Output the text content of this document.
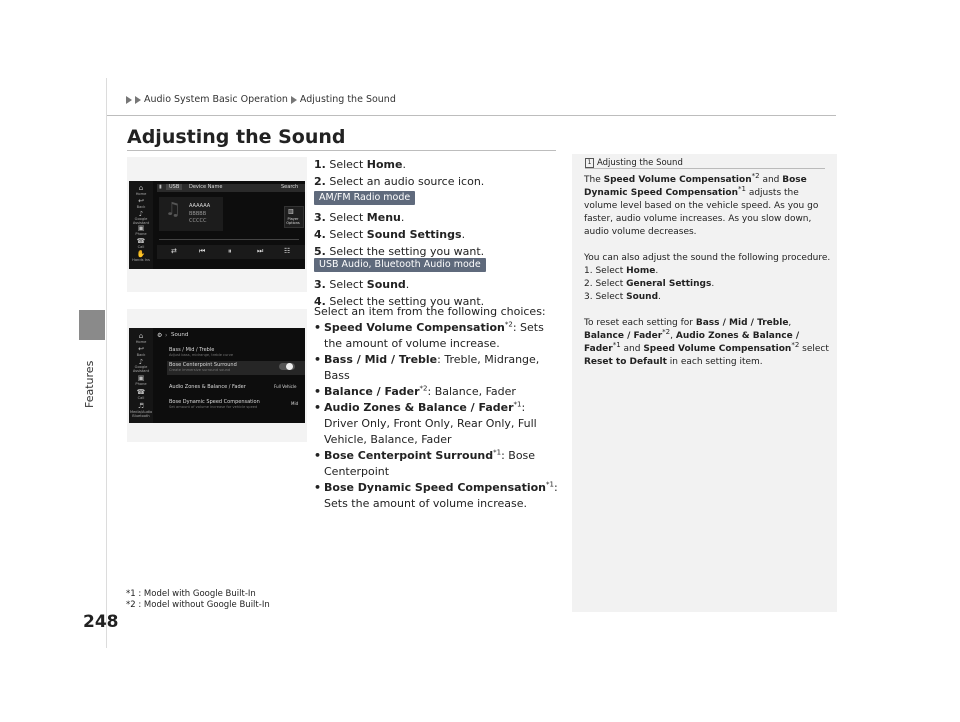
Features
248
Audio System Basic Operation Adjusting the Sound
Adjusting the Sound
⌂
Home
↩
Back
♪
Google Assistant
▣
Phone
☎
Call
✋
Hands Ins
▮	USB	Device Name	Search
♫ AAAAAA
BBBBB
CCCCC
▥
Player Options
⇄	⏮	⏸	⏭	☷
⌂
Home
↩
Back
♪
Google Assistant
▣
Phone
☎
Call
♬
Media/Audio Bluetooth
⚙ › Sound
Bass / Mid / Treble
Adjust bass, midrange, treble curve
Bose Centerpoint Surround
Create immersive surround sound
Audio Zones & Balance / Fader	Full Vehicle
Bose Dynamic Speed Compensation
Set amount of volume increase for vehicle speed
Mid
1. Select Home.
2. Select an audio source icon.
AM/FM Radio mode
3. Select Menu.
4. Select Sound Settings.
5. Select the setting you want.
USB Audio, Bluetooth Audio mode
3. Select Sound.
4. Select the setting you want.
Select an item from the following choices:
• Speed Volume Compensation$^{*2}$: Sets the amount of volume increase.
• Bass / Mid / Treble: Treble, Midrange, Bass
• Balance / Fader$^{*2}$: Balance, Fader
• Audio Zones & Balance / Fader$^{*1}$: Driver Only, Front Only, Rear Only, Full Vehicle, Balance, Fader
• Bose Centerpoint Surround$^{*1}$: Bose Centerpoint
• Bose Dynamic Speed Compensation$^{*1}$: Sets the amount of volume increase.
*1 : Model with Google Built-In
*2 : Model without Google Built-In
1 Adjusting the Sound

The Speed Volume Compensation$^{*2}$ and Bose Dynamic Speed Compensation$^{*1}$ adjusts the volume level based on the vehicle speed. As you go faster, audio volume increases. As you slow down, audio volume decreases.

You can also adjust the sound the following procedure.
1. Select Home.
2. Select General Settings.
3. Select Sound.

To reset each setting for Bass / Mid / Treble, Balance / Fader$^{*2}$, Audio Zones & Balance / Fader$^{*1}$ and Speed Volume Compensation$^{*2}$ select Reset to Default in each setting item.
